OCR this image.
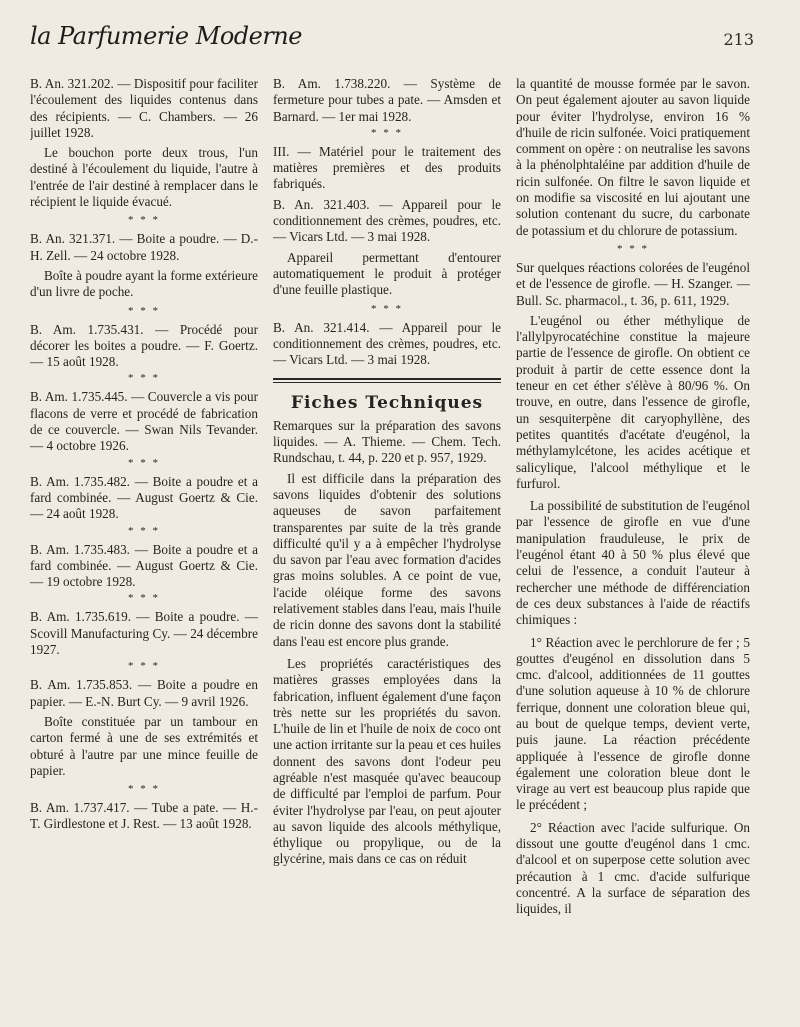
la Parfumerie Moderne	213

B. An. 321.202. — Dispositif pour faciliter l'écoulement des liquides contenus dans des récipients. — C. Chambers. — 26 juillet 1928.

Le bouchon porte deux trous, l'un destiné à l'écoulement du liquide, l'autre à l'entrée de l'air destiné à remplacer dans le récipient le liquide évacué.

* * *

B. An. 321.371. — Boite a poudre. — D.-H. Zell. — 24 octobre 1928.

Boîte à poudre ayant la forme extérieure d'un livre de poche.

* * *

B. Am. 1.735.431. — Procédé pour décorer les boites a poudre. — F. Goertz. — 15 août 1928.

* * *

B. Am. 1.735.445. — Couvercle a vis pour flacons de verre et procédé de fabrication de ce couvercle. — Swan Nils Tevander. — 4 octobre 1926.

* * *

B. Am. 1.735.482. — Boite a poudre et a fard combinée. — August Goertz & Cie. — 24 août 1928.

* * *

B. Am. 1.735.483. — Boite a poudre et a fard combinée. — August Goertz & Cie. — 19 octobre 1928.

* * *

B. Am. 1.735.619. — Boite a poudre. — Scovill Manufacturing Cy. — 24 décembre 1927.

* * *

B. Am. 1.735.853. — Boite a poudre en papier. — E.-N. Burt Cy. — 9 avril 1926.

Boîte constituée par un tambour en carton fermé à une de ses extrémités et obturé à l'autre par une mince feuille de papier.

* * *

B. Am. 1.737.417. — Tube a pate. — H.-T. Girdlestone et J. Rest. — 13 août 1928.

B. Am. 1.738.220. — Système de fermeture pour tubes a pate. — Amsden et Barnard. — 1er mai 1928.

* * *

III. — Matériel pour le traitement des matières premières et des produits fabriqués.

B. An. 321.403. — Appareil pour le conditionnement des crèmes, poudres, etc. — Vicars Ltd. — 3 mai 1928.

Appareil permettant d'entourer automatiquement le produit à protéger d'une feuille plastique.

* * *

B. An. 321.414. — Appareil pour le conditionnement des crèmes, poudres, etc. — Vicars Ltd. — 3 mai 1928.

Fiches Techniques

Remarques sur la préparation des savons liquides. — A. Thieme. — Chem. Tech. Rundschau, t. 44, p. 220 et p. 957, 1929.

Il est difficile dans la préparation des savons liquides d'obtenir des solutions aqueuses de savon parfaitement transparentes par suite de la très grande difficulté qu'il y a à empêcher l'hydrolyse du savon par l'eau avec formation d'acides gras moins solubles. A ce point de vue, l'acide oléique forme des savons relativement stables dans l'eau, mais l'huile de ricin donne des savons dont la stabilité dans l'eau est encore plus grande.

Les propriétés caractéristiques des matières grasses employées dans la fabrication, influent également d'une façon très nette sur les propriétés du savon. L'huile de lin et l'huile de noix de coco ont une action irritante sur la peau et ces huiles donnent des savons dont l'odeur peu agréable n'est masquée qu'avec beaucoup de difficulté par l'emploi de parfum. Pour éviter l'hydrolyse par l'eau, on peut ajouter au savon liquide des alcools méthylique, éthylique ou propylique, ou de la glycérine, mais dans ce cas on réduit

la quantité de mousse formée par le savon. On peut également ajouter au savon liquide pour éviter l'hydrolyse, environ 16 % d'huile de ricin sulfonée. Voici pratiquement comment on opère : on neutralise les savons à la phénolphtaléine par addition d'huile de ricin sulfonée. On filtre le savon liquide et on modifie sa viscosité en lui ajoutant une solution contenant du sucre, du carbonate de potassium et du chlorure de potassium.

* * *

Sur quelques réactions colorées de l'eugénol et de l'essence de girofle. — H. Szanger. — Bull. Sc. pharmacol., t. 36, p. 611, 1929.

L'eugénol ou éther méthylique de l'allylpyrocatéchine constitue la majeure partie de l'essence de girofle. On obtient ce produit à partir de cette essence dont la teneur en cet éther s'élève à 80/96 %. On trouve, en outre, dans l'essence de girofle, un sesquiterpène dit caryophyllène, des petites quantités d'acétate d'eugénol, la méthylamylcétone, les acides acétique et salicylique, l'alcool méthylique et le furfurol.

La possibilité de substitution de l'eugénol par l'essence de girofle en vue d'une manipulation frauduleuse, le prix de l'eugénol étant 40 à 50 % plus élevé que celui de l'essence, a conduit l'auteur à rechercher une méthode de différenciation de ces deux substances à l'aide de réactifs chimiques :

1° Réaction avec le perchlorure de fer ; 5 gouttes d'eugénol en dissolution dans 5 cmc. d'alcool, additionnées de 11 gouttes d'une solution aqueuse à 10 % de chlorure ferrique, donnent une coloration bleue qui, au bout de quelque temps, devient verte, puis jaune. La réaction précédente appliquée à l'essence de girofle donne également une coloration bleue dont le virage au vert est beaucoup plus rapide que le précédent ;

2° Réaction avec l'acide sulfurique. On dissout une goutte d'eugénol dans 1 cmc. d'alcool et on superpose cette solution avec précaution à 1 cmc. d'acide sulfurique concentré. A la surface de séparation des liquides, il
